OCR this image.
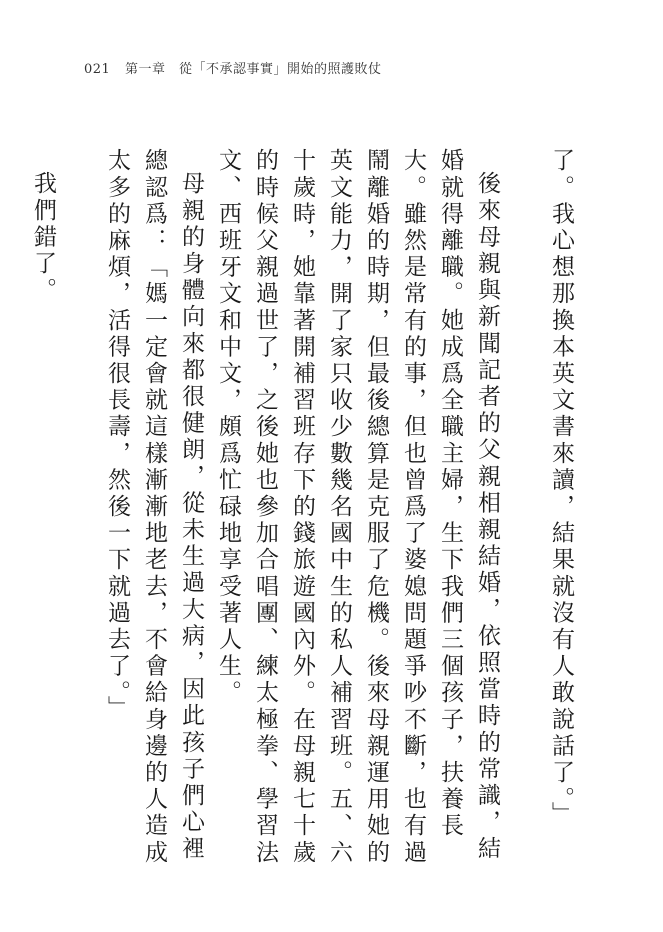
021 第一章　從「不承認事實」開始的照護敗仗

了。我心想那換本英文書來讀，結果就沒有人敢說話了。」

後來母親與新聞記者的父親相親結婚，依照當時的常識，結婚就得離職。她成爲全職主婦，生下我們三個孩子，扶養長大。雖然是常有的事，但也曾爲了婆媳問題爭吵不斷，也有過鬧離婚的時期，但最後總算是克服了危機。後來母親運用她的英文能力，開了家只收少數幾名國中生的私人補習班。五、六十歲時，她靠著開補習班存下的錢旅遊國內外。在母親七十歲的時候父親過世了，之後她也參加合唱團、練太極拳、學習法文、西班牙文和中文，頗爲忙碌地享受著人生。

母親的身體向來都很健朗，從未生過大病，因此孩子們心裡總認爲：「媽一定會就這樣漸漸地老去，不會給身邊的人造成太多的麻煩，活得很長壽，然後一下就過去了。」

我們錯了。
